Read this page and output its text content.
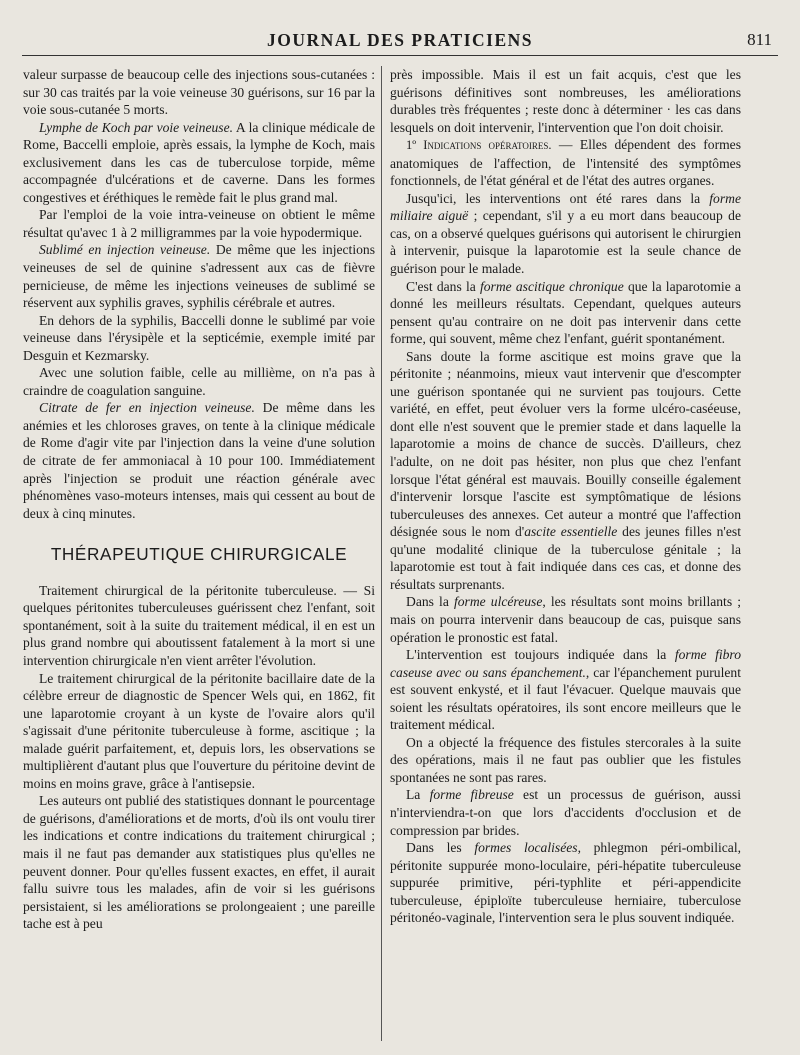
JOURNAL DES PRATICIENS	811

valeur surpasse de beaucoup celle des injections sous-cutanées : sur 30 cas traités par la voie veineuse 30 guérisons, sur 16 par la voie sous-cutanée 5 morts.

Lymphe de Koch par voie veineuse. A la clinique médicale de Rome, Baccelli emploie, après essais, la lymphe de Koch, mais exclusivement dans les cas de tuberculose torpide, même accompagnée d'ulcérations et de caverne. Dans les formes congestives et éréthiques le remède fait le plus grand mal.

Par l'emploi de la voie intra-veineuse on obtient le même résultat qu'avec 1 à 2 milligrammes par la voie hypodermique.

Sublimé en injection veineuse. De même que les injections veineuses de sel de quinine s'adressent aux cas de fièvre pernicieuse, de même les injections veineuses de sublimé se réservent aux syphilis graves, syphilis cérébrale et autres.

En dehors de la syphilis, Baccelli donne le sublimé par voie veineuse dans l'érysipèle et la septicémie, exemple imité par Desguin et Kezmarsky.

Avec une solution faible, celle au millième, on n'a pas à craindre de coagulation sanguine.

Citrate de fer en injection veineuse. De même dans les anémies et les chloroses graves, on tente à la clinique médicale de Rome d'agir vite par l'injection dans la veine d'une solution de citrate de fer ammoniacal à 10 pour 100. Immédiatement après l'injection se produit une réaction générale avec phénomènes vaso-moteurs intenses, mais qui cessent au bout de deux à cinq minutes.

THÉRAPEUTIQUE CHIRURGICALE

Traitement chirurgical de la péritonite tuberculeuse. — Si quelques péritonites tuberculeuses guérissent chez l'enfant, soit spontanément, soit à la suite du traitement médical, il en est un plus grand nombre qui aboutissent fatalement à la mort si une intervention chirurgicale n'en vient arrêter l'évolution.

Le traitement chirurgical de la péritonite bacillaire date de la célèbre erreur de diagnostic de Spencer Wels qui, en 1862, fit une laparotomie croyant à un kyste de l'ovaire alors qu'il s'agissait d'une péritonite tuberculeuse à forme, ascitique ; la malade guérit parfaitement, et, depuis lors, les observations se multiplièrent d'autant plus que l'ouverture du péritoine devint de moins en moins grave, grâce à l'antisepsie.

Les auteurs ont publié des statistiques donnant le pourcentage de guérisons, d'améliorations et de morts, d'où ils ont voulu tirer les indications et contre indications du traitement chirurgical ; mais il ne faut pas demander aux statistiques plus qu'elles ne peuvent donner. Pour qu'elles fussent exactes, en effet, il aurait fallu suivre tous les malades, afin de voir si les guérisons persistaient, si les améliorations se prolongeaient ; une pareille tache est à peu

près impossible. Mais il est un fait acquis, c'est que les guérisons définitives sont nombreuses, les améliorations durables très fréquentes ; reste donc à déterminer · les cas dans lesquels on doit intervenir, l'intervention que l'on doit choisir.

1º Indications opératoires. — Elles dépendent des formes anatomiques de l'affection, de l'intensité des symptômes fonctionnels, de l'état général et de l'état des autres organes.

Jusqu'ici, les interventions ont été rares dans la forme miliaire aiguë ; cependant, s'il y a eu mort dans beaucoup de cas, on a observé quelques guérisons qui autorisent le chirurgien à intervenir, puisque la laparotomie est la seule chance de guérison pour le malade.

C'est dans la forme ascitique chronique que la laparotomie a donné les meilleurs résultats. Cependant, quelques auteurs pensent qu'au contraire on ne doit pas intervenir dans cette forme, qui souvent, même chez l'enfant, guérit spontanément.

Sans doute la forme ascitique est moins grave que la péritonite ; néanmoins, mieux vaut intervenir que d'escompter une guérison spontanée qui ne survient pas toujours. Cette variété, en effet, peut évoluer vers la forme ulcéro-caséeuse, dont elle n'est souvent que le premier stade et dans laquelle la laparotomie a moins de chance de succès. D'ailleurs, chez l'adulte, on ne doit pas hésiter, non plus que chez l'enfant lorsque l'état général est mauvais. Bouilly conseille également d'intervenir lorsque l'ascite est symptômatique de lésions tuberculeuses des annexes. Cet auteur a montré que l'affection désignée sous le nom d'ascite essentielle des jeunes filles n'est qu'une modalité clinique de la tuberculose génitale ; la laparotomie est tout à fait indiquée dans ces cas, et donne des résultats surprenants.

Dans la forme ulcéreuse, les résultats sont moins brillants ; mais on pourra intervenir dans beaucoup de cas, puisque sans opération le pronostic est fatal.

L'intervention est toujours indiquée dans la forme fibro caseuse avec ou sans épanchement., car l'épanchement purulent est souvent enkysté, et il faut l'évacuer. Quelque mauvais que soient les résultats opératoires, ils sont encore meilleurs que le traitement médical.

On a objecté la fréquence des fistules stercorales à la suite des opérations, mais il ne faut pas oublier que les fistules spontanées ne sont pas rares.

La forme fibreuse est un processus de guérison, aussi n'interviendra-t-on que lors d'accidents d'occlusion et de compression par brides.

Dans les formes localisées, phlegmon péri-ombilical, péritonite suppurée mono-loculaire, péri-hépatite tuberculeuse suppurée primitive, péri-typhlite et péri-appendicite tuberculeuse, épiploïte tuberculeuse herniaire, tuberculose péritonéo-vaginale, l'intervention sera le plus souvent indiquée.
